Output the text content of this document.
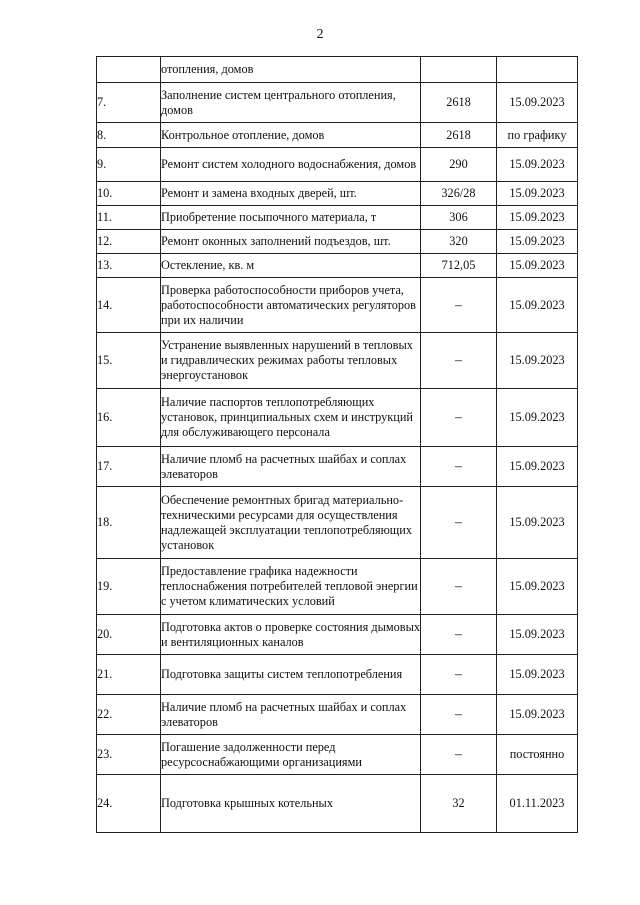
2
	отопления, домов		
7.	Заполнение систем центрального отопления, домов	2618	15.09.2023
8.	Контрольное отопление, домов	2618	по графику
9.	Ремонт систем холодного водоснабжения, домов	290	15.09.2023
10.	Ремонт и замена входных дверей, шт.	326/28	15.09.2023
11.	Приобретение посыпочного материала, т	306	15.09.2023
12.	Ремонт оконных заполнений подъездов, шт.	320	15.09.2023
13.	Остекление, кв. м	712,05	15.09.2023
14.	Проверка работоспособности приборов учета, работоспособности автоматических регуляторов при их наличии	–	15.09.2023
15.	Устранение выявленных нарушений в тепловых и гидравлических режимах работы тепловых энергоустановок	–	15.09.2023
16.	Наличие паспортов теплопотребляющих установок, принципиальных схем и инструкций для обслуживающего персонала	–	15.09.2023
17.	Наличие пломб на расчетных шайбах и соплах элеваторов	–	15.09.2023
18.	Обеспечение ремонтных бригад материально-техническими ресурсами для осуществления надлежащей эксплуатации теплопотребляющих установок	–	15.09.2023
19.	Предоставление графика надежности теплоснабжения потребителей тепловой энергии с учетом климатических условий	–	15.09.2023
20.	Подготовка актов о проверке состояния дымовых и вентиляционных каналов	–	15.09.2023
21.	Подготовка защиты систем теплопотребления	–	15.09.2023
22.	Наличие пломб на расчетных шайбах и соплах элеваторов	–	15.09.2023
23.	Погашение задолженности перед ресурсоснабжающими организациями	–	постоянно
24.	Подготовка крышных котельных	32	01.11.2023
